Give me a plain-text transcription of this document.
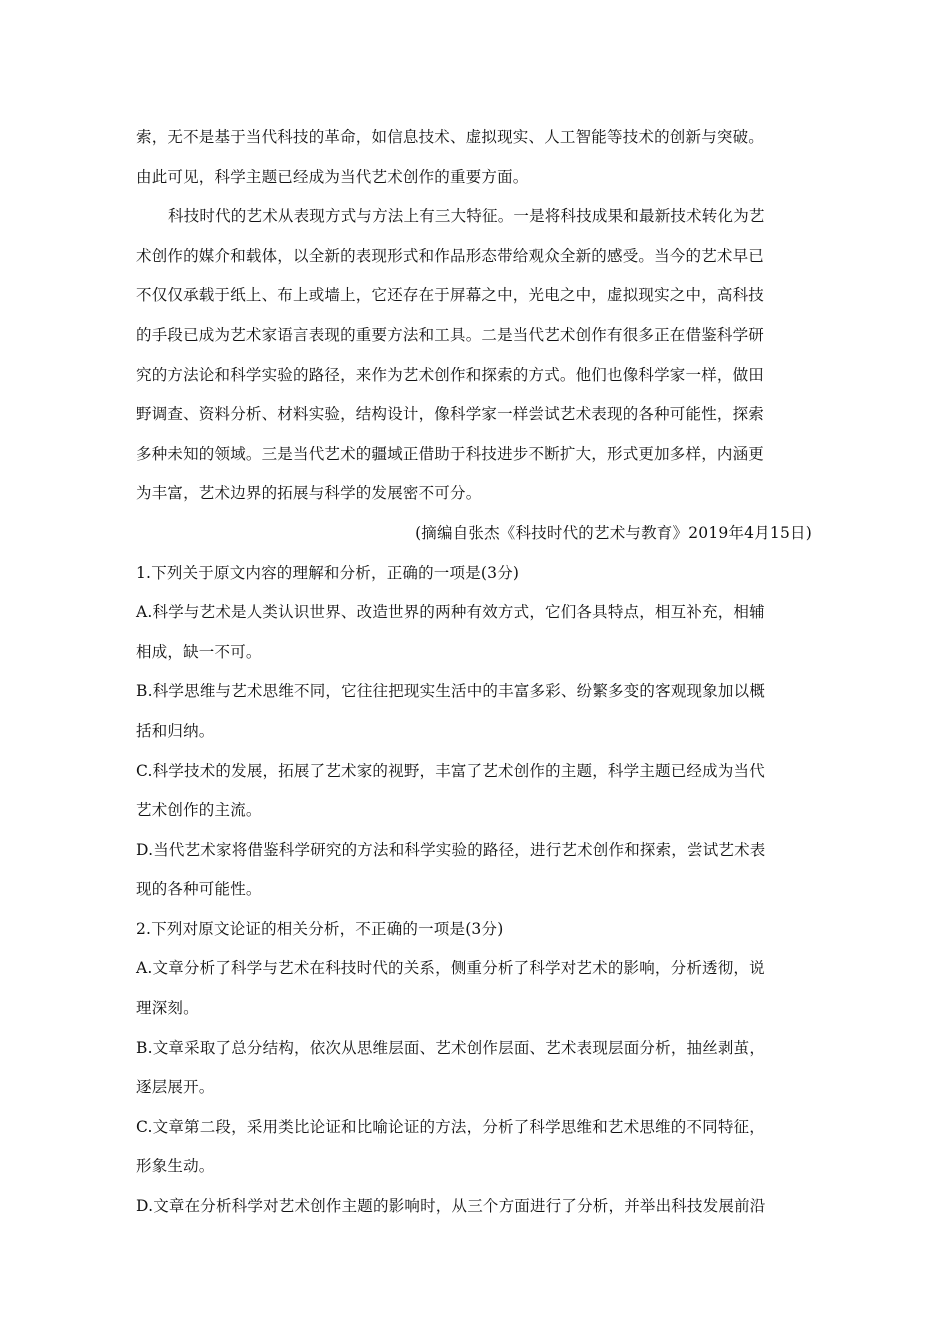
索，无不是基于当代科技的革命，如信息技术、虚拟现实、人工智能等技术的创新与突破。
由此可见，科学主题已经成为当代艺术创作的重要方面。
科技时代的艺术从表现方式与方法上有三大特征。一是将科技成果和最新技术转化为艺
术创作的媒介和载体，以全新的表现形式和作品形态带给观众全新的感受。当今的艺术早已
不仅仅承载于纸上、布上或墙上，它还存在于屏幕之中，光电之中，虚拟现实之中，高科技
的手段已成为艺术家语言表现的重要方法和工具。二是当代艺术创作有很多正在借鉴科学研
究的方法论和科学实验的路径，来作为艺术创作和探索的方式。他们也像科学家一样，做田
野调查、资料分析、材料实验，结构设计，像科学家一样尝试艺术表现的各种可能性，探索
多种未知的领域。三是当代艺术的疆域正借助于科技进步不断扩大，形式更加多样，内涵更
为丰富，艺术边界的拓展与科学的发展密不可分。
(摘编自张杰《科技时代的艺术与教育》2019年4月15日)
1.下列关于原文内容的理解和分析，正确的一项是(3分)
A.科学与艺术是人类认识世界、改造世界的两种有效方式，它们各具特点，相互补充，相辅
相成，缺一不可。
B.科学思维与艺术思维不同，它往往把现实生活中的丰富多彩、纷繁多变的客观现象加以概
括和归纳。
C.科学技术的发展，拓展了艺术家的视野，丰富了艺术创作的主题，科学主题已经成为当代
艺术创作的主流。
D.当代艺术家将借鉴科学研究的方法和科学实验的路径，进行艺术创作和探索，尝试艺术表
现的各种可能性。
2.下列对原文论证的相关分析，不正确的一项是(3分)
A.文章分析了科学与艺术在科技时代的关系，侧重分析了科学对艺术的影响，分析透彻，说
理深刻。
B.文章采取了总分结构，依次从思维层面、艺术创作层面、艺术表现层面分析，抽丝剥茧，
逐层展开。
C.文章第二段，采用类比论证和比喻论证的方法，分析了科学思维和艺术思维的不同特征，
形象生动。
D.文章在分析科学对艺术创作主题的影响时，从三个方面进行了分析，并举出科技发展前沿
